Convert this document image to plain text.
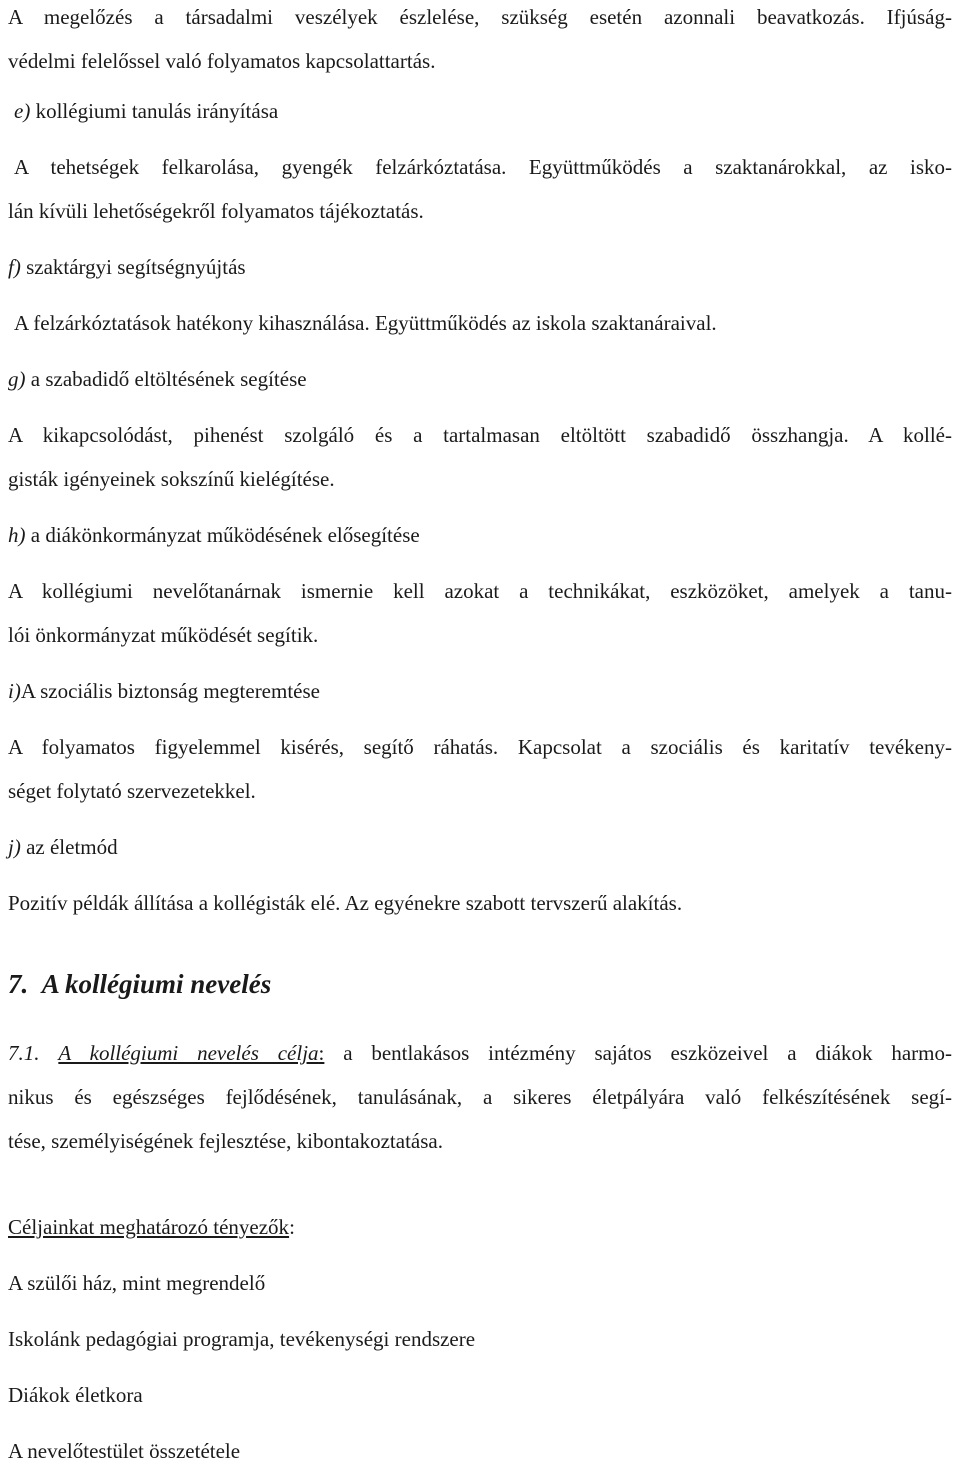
A megelőzés a társadalmi veszélyek észlelése, szükség esetén azonnali beavatkozás. Ifjúság-

védelmi felelőssel való folyamatos kapcsolattartás.

e) kollégiumi tanulás irányítása

A tehetségek felkarolása, gyengék felzárkóztatása. Együttműködés a szaktanárokkal, az isko-

lán kívüli lehetőségekről folyamatos tájékoztatás.

f) szaktárgyi segítségnyújtás

A felzárkóztatások hatékony kihasználása. Együttműködés az iskola szaktanáraival.

g) a szabadidő eltöltésének segítése

A kikapcsolódást, pihenést szolgáló és a tartalmasan eltöltött szabadidő összhangja. A kollé-

gisták igényeinek sokszínű kielégítése.

h) a diákönkormányzat működésének elősegítése

A kollégiumi nevelőtanárnak ismernie kell azokat a technikákat, eszközöket, amelyek a tanu-

lói önkormányzat működését segítik.

i)A szociális biztonság megteremtése

A folyamatos figyelemmel kisérés, segítő ráhatás. Kapcsolat a szociális és karitatív tevékeny-

séget folytató szervezetekkel.

j) az életmód

Pozitív példák állítása a kollégisták elé. Az egyénekre szabott tervszerű alakítás.

7. A kollégiumi nevelés

7.1. A kollégiumi nevelés célja: a bentlakásos intézmény sajátos eszközeivel a diákok harmo-

nikus és egészséges fejlődésének, tanulásának, a sikeres életpályára való felkészítésének segí-

tése, személyiségének fejlesztése, kibontakoztatása.

Céljainkat meghatározó tényezők:

A szülői ház, mint megrendelő

Iskolánk pedagógiai programja, tevékenységi rendszere

Diákok életkora

A nevelőtestület összetétele
